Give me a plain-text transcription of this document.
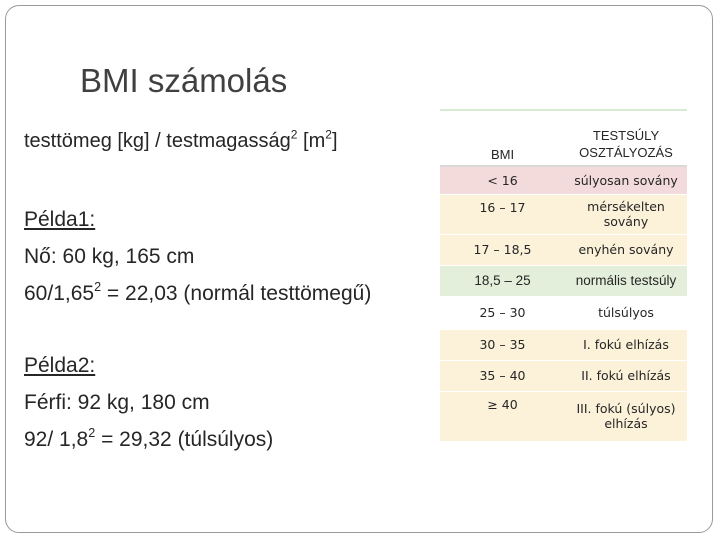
BMI számolás
testtömeg [kg] / testmagasság$^2$ $[m^2]$
Példa1:
Nő: 60 kg, 165 cm
$60/1,65^2 = 22,03$ (normál testtömegű)
Példa2:
Férfi: 92 kg, 180 cm
92/ $1,8^2 = 29,32$ (túlsúlyos)
BMI	TESTSÚLY OSZTÁLYOZÁS
< 16	súlyosan sovány
16 – 17	mérsékelten sovány
17 – 18,5	enyhén sovány
18,5 – 25	normális testsúly
25 – 30	túlsúlyos
30 – 35	I. fokú elhízás
35 – 40	II. fokú elhízás
≥ 40	III. fokú (súlyos) elhízás
